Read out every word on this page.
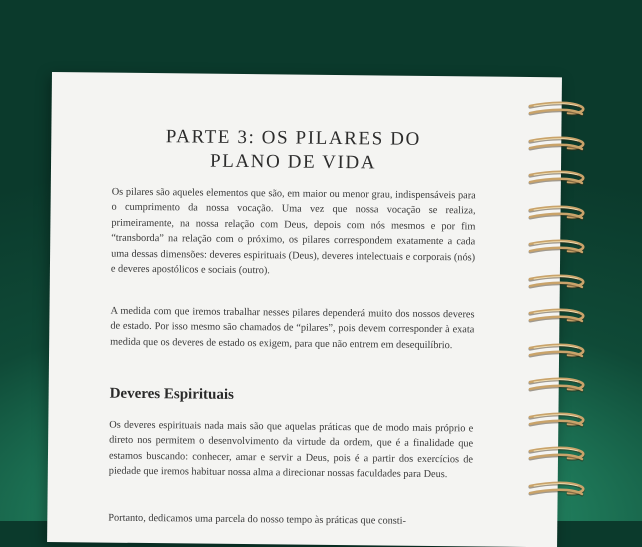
PARTE 3: OS PILARES DO
PLANO DE VIDA

Os pilares são aqueles elementos que são, em maior ou menor grau, indispensáveis para o cumprimento da nossa vocação. Uma vez que nossa vocação se realiza, primeiramente, na nossa relação com Deus, depois com nós mesmos e por fim “transborda” na relação com o próximo, os pilares correspondem exatamente a cada uma dessas dimensões: deveres espirituais (Deus), deveres intelectuais e corporais (nós) e deveres apostólicos e sociais (outro).

A medida com que iremos trabalhar nesses pilares dependerá muito dos nossos deveres de estado. Por isso mesmo são chamados de “pilares”, pois devem corresponder à exata medida que os deveres de estado os exigem, para que não entrem em desequilíbrio.

Deveres Espirituais

Os deveres espirituais nada mais são que aquelas práticas que de modo mais próprio e direto nos permitem o desenvolvimento da virtude da ordem, que é a finalidade que estamos buscando: conhecer, amar e servir a Deus, pois é a partir dos exercícios de piedade que iremos habituar nossa alma a direcionar nossas faculdades para Deus.

Portanto, dedicamos uma parcela do nosso tempo às práticas que consti-
